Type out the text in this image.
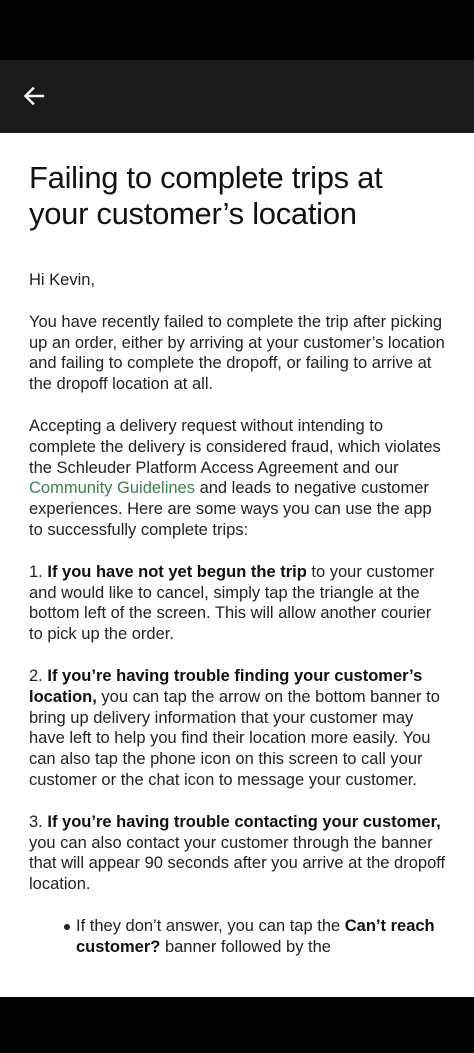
Failing to complete trips at your customer’s location

Hi Kevin,

You have recently failed to complete the trip after picking up an order, either by arriving at your customer’s location and failing to complete the dropoff, or failing to arrive at the dropoff location at all.

Accepting a delivery request without intending to complete the delivery is considered fraud, which violates the Schleuder Platform Access Agreement and our Community Guidelines and leads to negative customer experiences. Here are some ways you can use the app to successfully complete trips:

1. If you have not yet begun the trip to your customer and would like to cancel, simply tap the triangle at the bottom left of the screen. This will allow another courier to pick up the order.

2. If you’re having trouble finding your customer’s location, you can tap the arrow on the bottom banner to bring up delivery information that your customer may have left to help you find their location more easily. You can also tap the phone icon on this screen to call your customer or the chat icon to message your customer.

3. If you’re having trouble contacting your customer, you can also contact your customer through the banner that will appear 90 seconds after you arrive at the dropoff location.

If they don’t answer, you can tap the Can’t reach customer? banner followed by the
